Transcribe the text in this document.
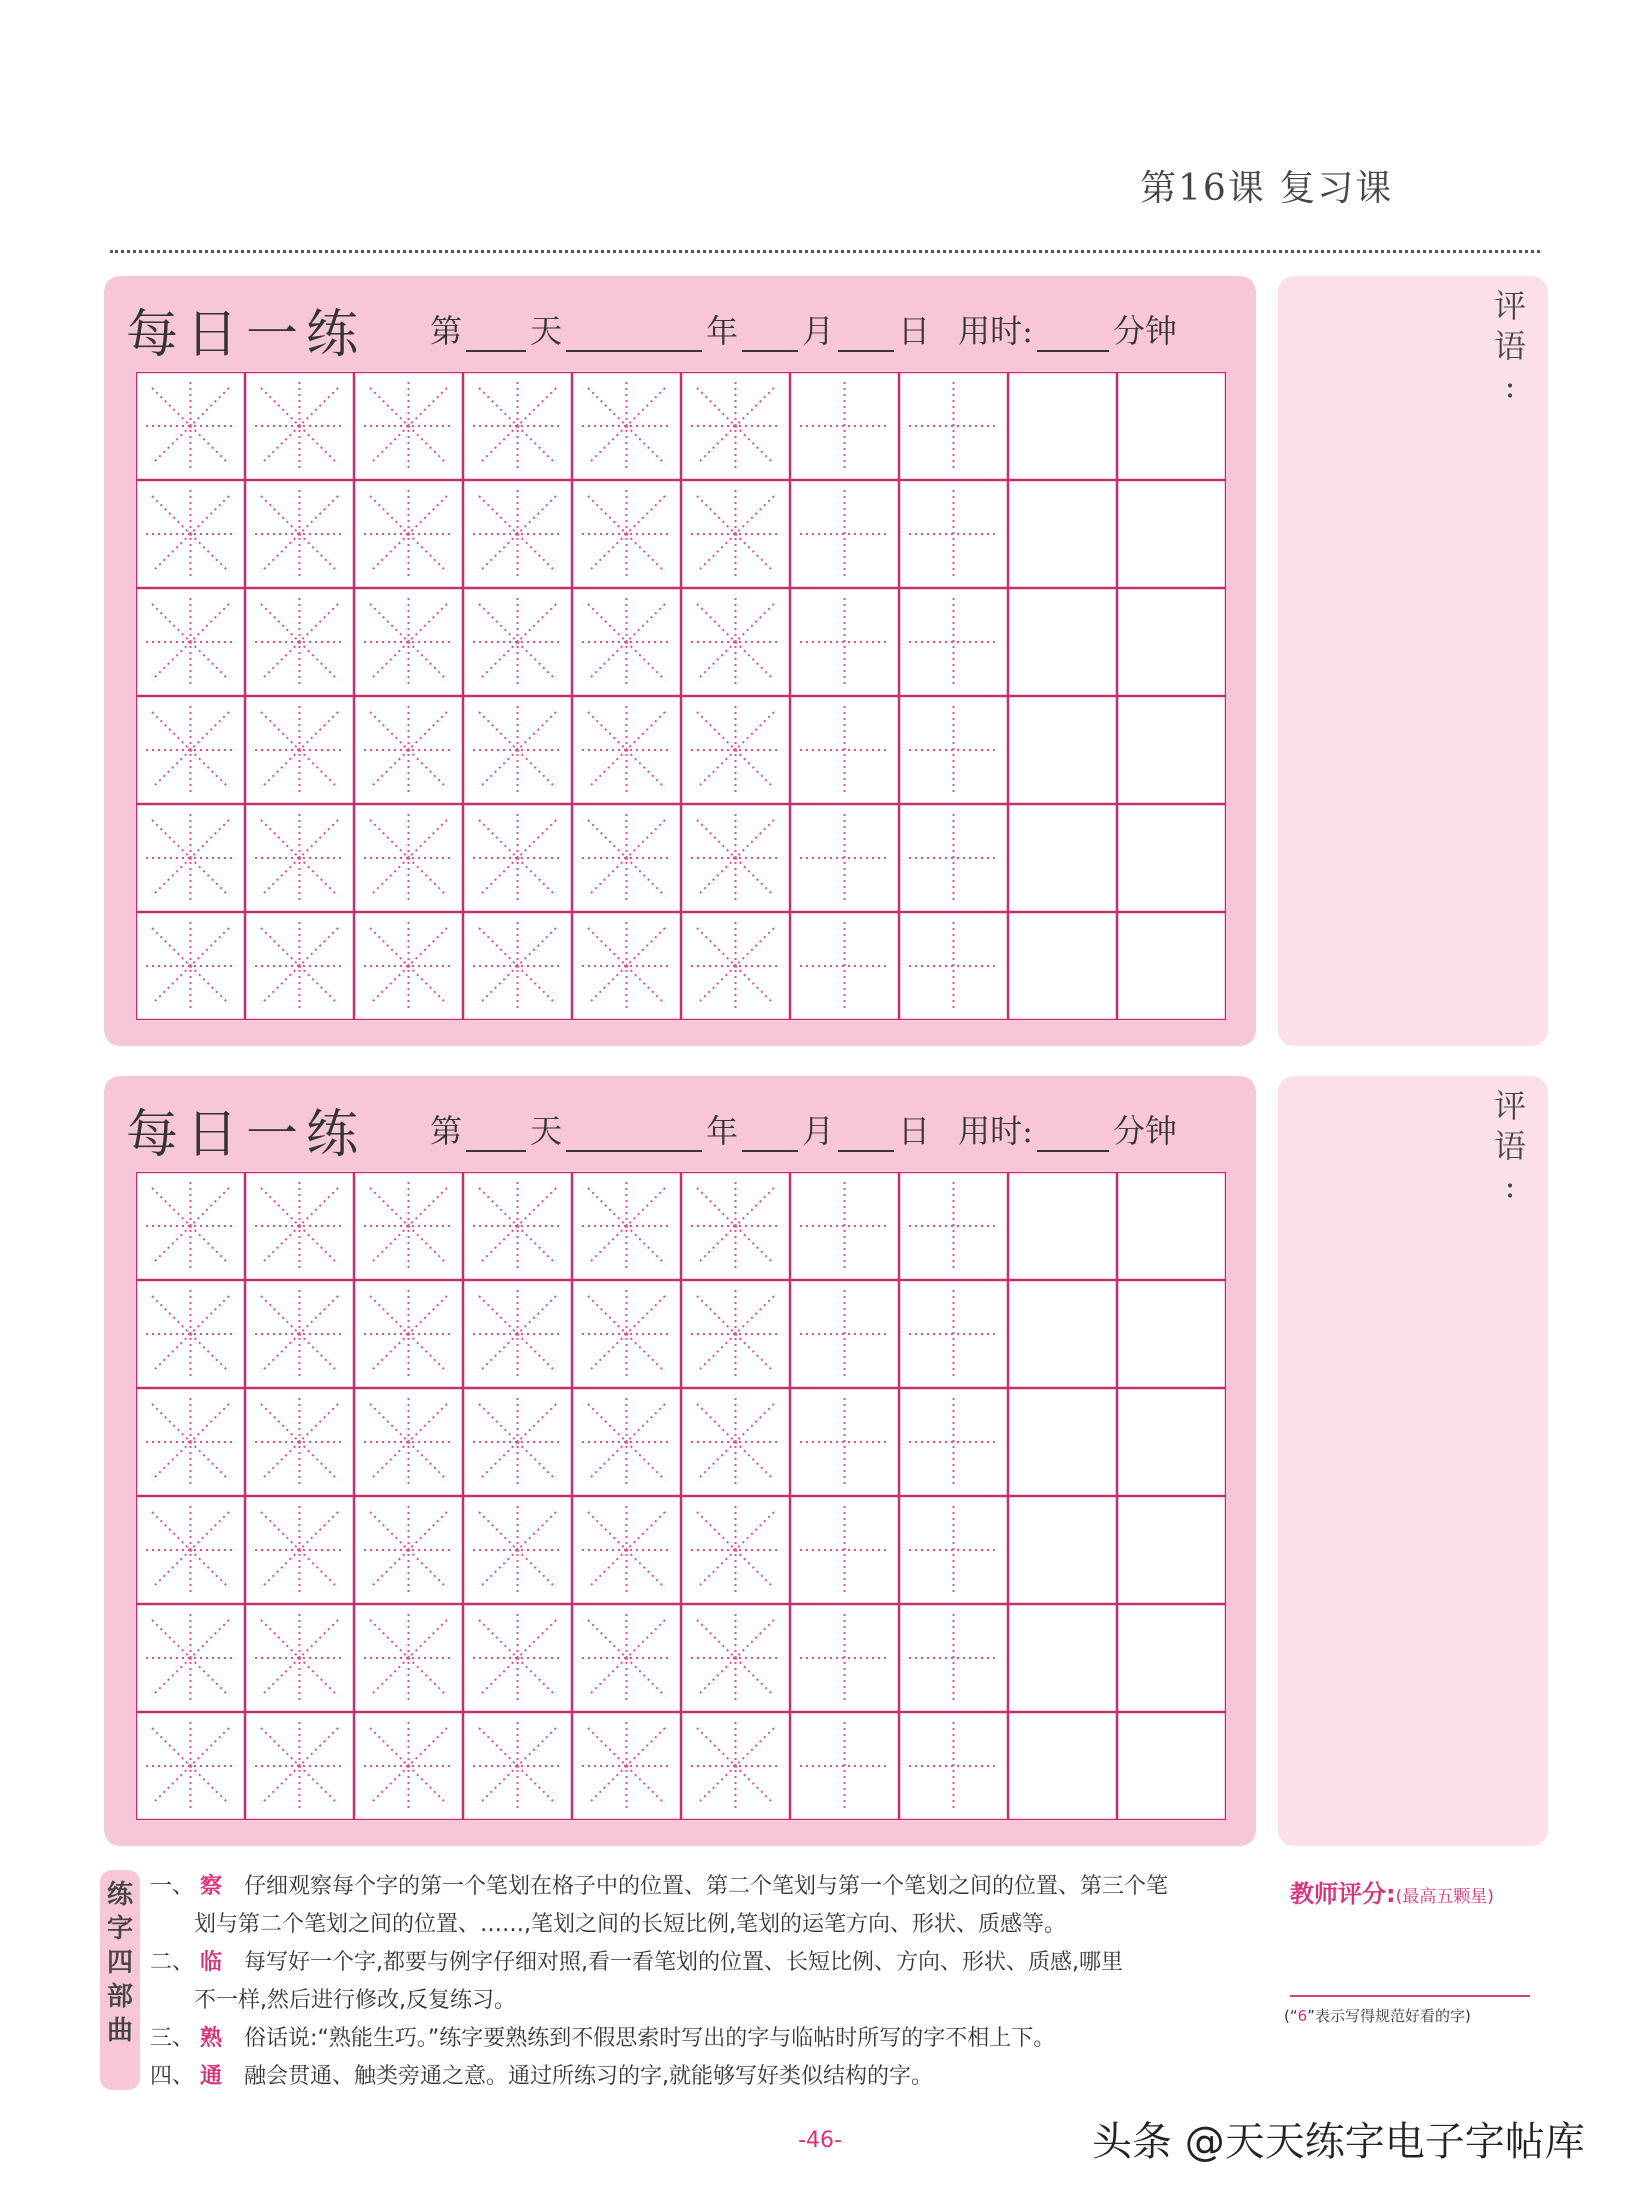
第16课 复习课
每日一练 第 天	年 月 日 用时:	分钟
评
语
:
每日一练 第 天	年 月 日 用时:	分钟
评
语
:
练
字
四
部
曲
一、 察 仔细观察每个字的第一个笔划在格子中的位置、第二个笔划与第一个笔划之间的位置、第三个笔
划与第二个笔划之间的位置、……,笔划之间的长短比例,笔划的运笔方向、形状、质感等。
二、 临 每写好一个字,都要与例字仔细对照,看一看笔划的位置、长短比例、方向、形状、质感,哪里
不一样,然后进行修改,反复练习。
三、 熟 俗话说:“熟能生巧。”练字要熟练到不假思索时写出的字与临帖时所写的字不相上下。
四、 通 融会贯通、触类旁通之意。通过所练习的字,就能够写好类似结构的字。
教师评分:(最高五颗星)
(“6”表示写得规范好看的字)
-46-	头条 @天天练字电子字帖库
